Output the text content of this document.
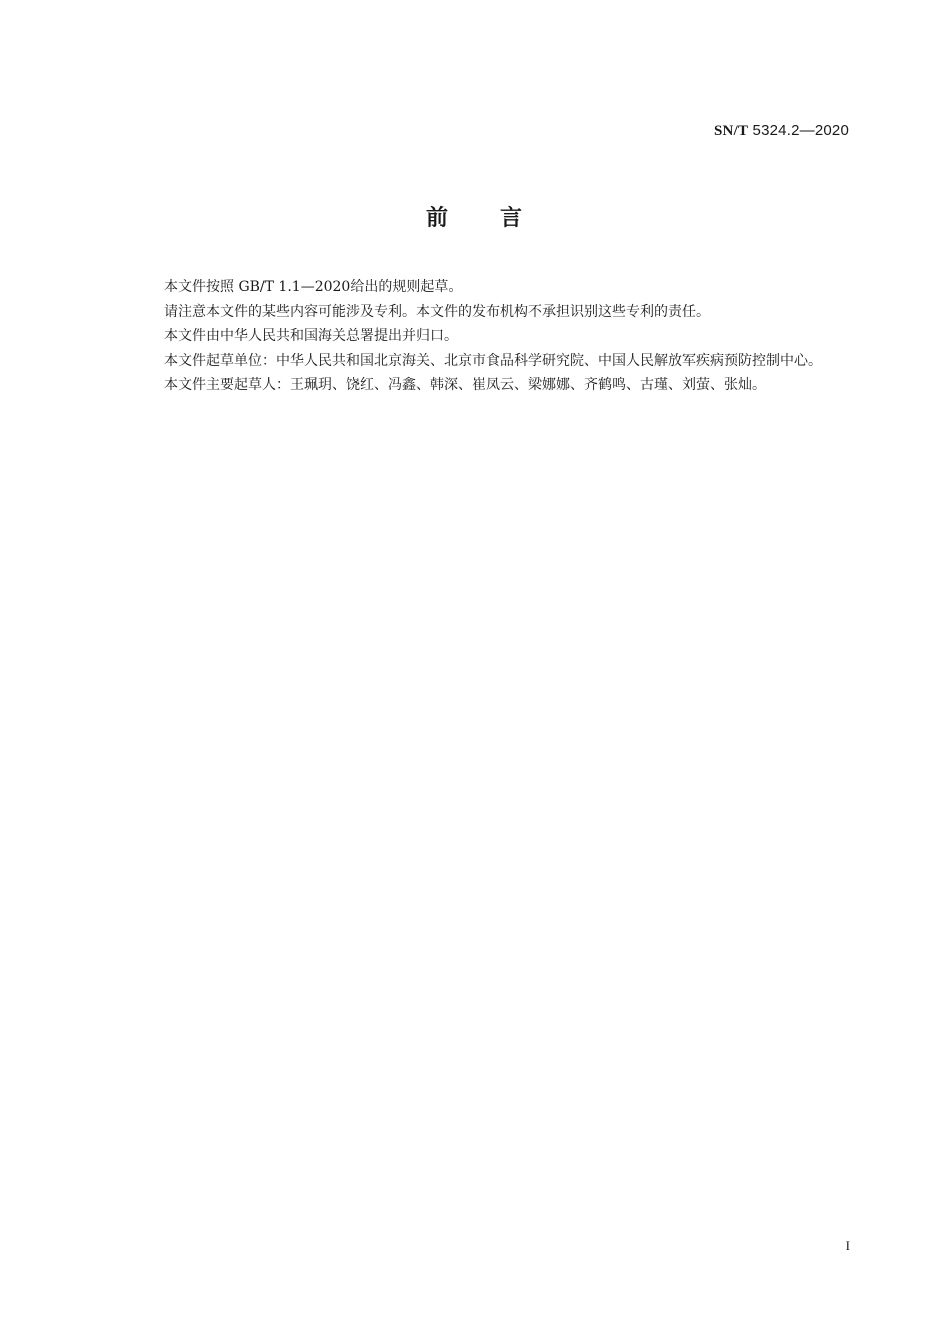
SN/T 5324.2—2020
前 言

本文件按照 GB/T 1.1—2020给出的规则起草。

请注意本文件的某些内容可能涉及专利。本文件的发布机构不承担识别这些专利的责任。

本文件由中华人民共和国海关总署提出并归口。

本文件起草单位：中华人民共和国北京海关、北京市食品科学研究院、中国人民解放军疾病预防控制中心。

本文件主要起草人：王珮玥、饶红、冯鑫、韩深、崔凤云、梁娜娜、齐鹤鸣、古瑾、刘萤、张灿。

I
